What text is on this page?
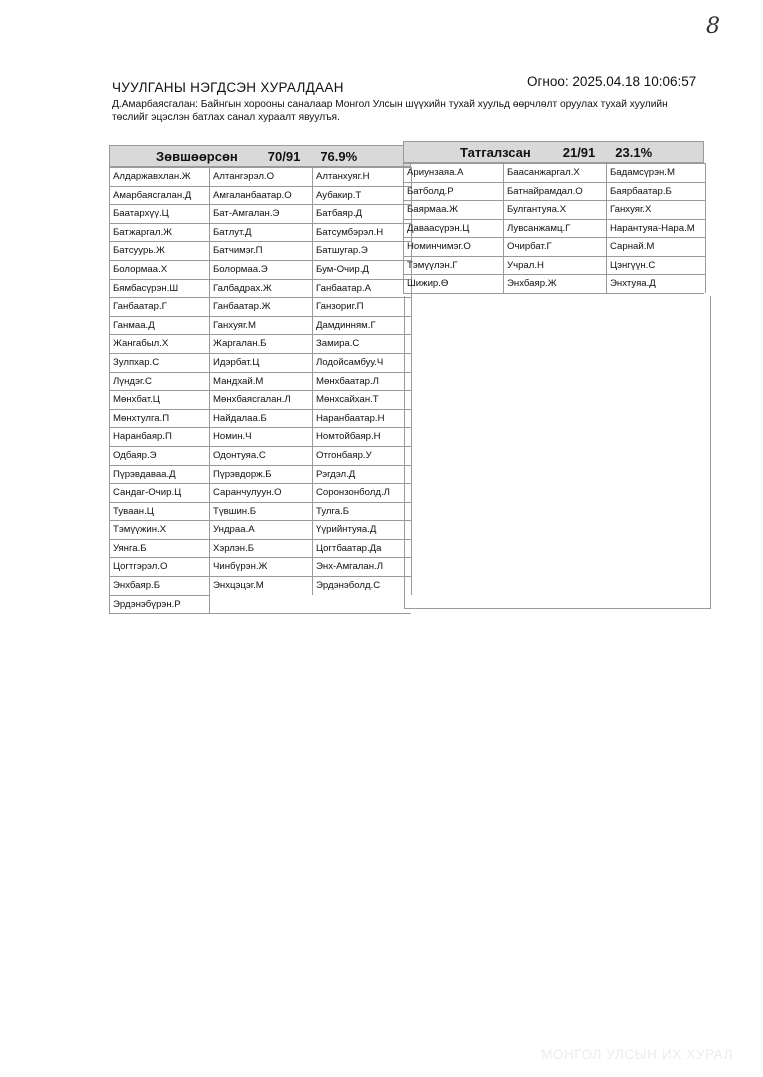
8
ЧУУЛГАНЫ НЭГДСЭН ХУРАЛДААН	Огноо: 2025.04.18 10:06:57
Д.Амарбаясгалан: Байнгын хорооны саналаар Монгол Улсын шүүхийн тухай хуульд өөрчлөлт оруулах тухай хуулийн төслийг эцэслэн батлах санал хураалт явуулъя.
Зөвшөөрсөн 70/91 76.9%
Алдаржавхлан.Ж	Алтангэрэл.О	Алтанхуяг.Н
Амарбаясгалан.Д	Амгаланбаатар.О	Аубакир.Т
Баатархүү.Ц	Бат-Амгалан.Э	Батбаяр.Д
Батжаргал.Ж	Батлут.Д	Батсумбэрэл.Н
Батсуурь.Ж	Батчимэг.П	Батшугар.Э
Болормаа.Х	Болормаа.Э	Бум-Очир.Д
Бямбасүрэн.Ш	Галбадрах.Ж	Ганбаатар.А
Ганбаатар.Г	Ганбаатар.Ж	Ганзориг.П
Ганмаа.Д	Ганхуяг.М	Дамдинням.Г
Жангабыл.Х	Жаргалан.Б	Замира.С
Зулпхар.С	Идэрбат.Ц	Лодойсамбуу.Ч
Лүндэг.С	Мандхай.М	Мөнхбаатар.Л
Мөнхбат.Ц	Мөнхбаясгалан.Л	Мөнхсайхан.Т
Мөнхтулга.П	Найдалаа.Б	Наранбаатар.Н
Наранбаяр.П	Номин.Ч	Номтойбаяр.Н
Одбаяр.Э	Одонтуяа.С	Отгонбаяр.У
Пүрэвдаваа.Д	Пүрэвдорж.Б	Рэгдэл.Д
Сандаг-Очир.Ц	Саранчулуун.О	Соронзонболд.Л
Туваан.Ц	Түвшин.Б	Тулга.Б
Тэмүүжин.Х	Ундраа.А	Үүрийнтуяа.Д
Уянга.Б	Хэрлэн.Б	Цогтбаатар.Да
Цогтгэрэл.О	Чинбүрэн.Ж	Энх-Амгалан.Л
Энхбаяр.Б	Энхцэцэг.М	Эрдэнэболд.С
Эрдэнэбүрэн.Р
Татгалзсан 21/91 23.1%
Ариунзаяа.А	Баасанжаргал.Х	Бадамсүрэн.М
Батболд.Р	Батнайрамдал.О	Баярбаатар.Б
Баярмаа.Ж	Булгантуяа.Х	Ганхуяг.Х
Даваасүрэн.Ц	Лувсанжамц.Г	Нарантуяа-Нара.М
Номинчимэг.О	Очирбат.Г	Сарнай.М
Тэмүүлэн.Г	Учрал.Н	Цэнгүүн.С
Шижир.Ө	Энхбаяр.Ж	Энхтуяа.Д
МОНГОЛ УЛСЫН ИХ ХУРАЛ
